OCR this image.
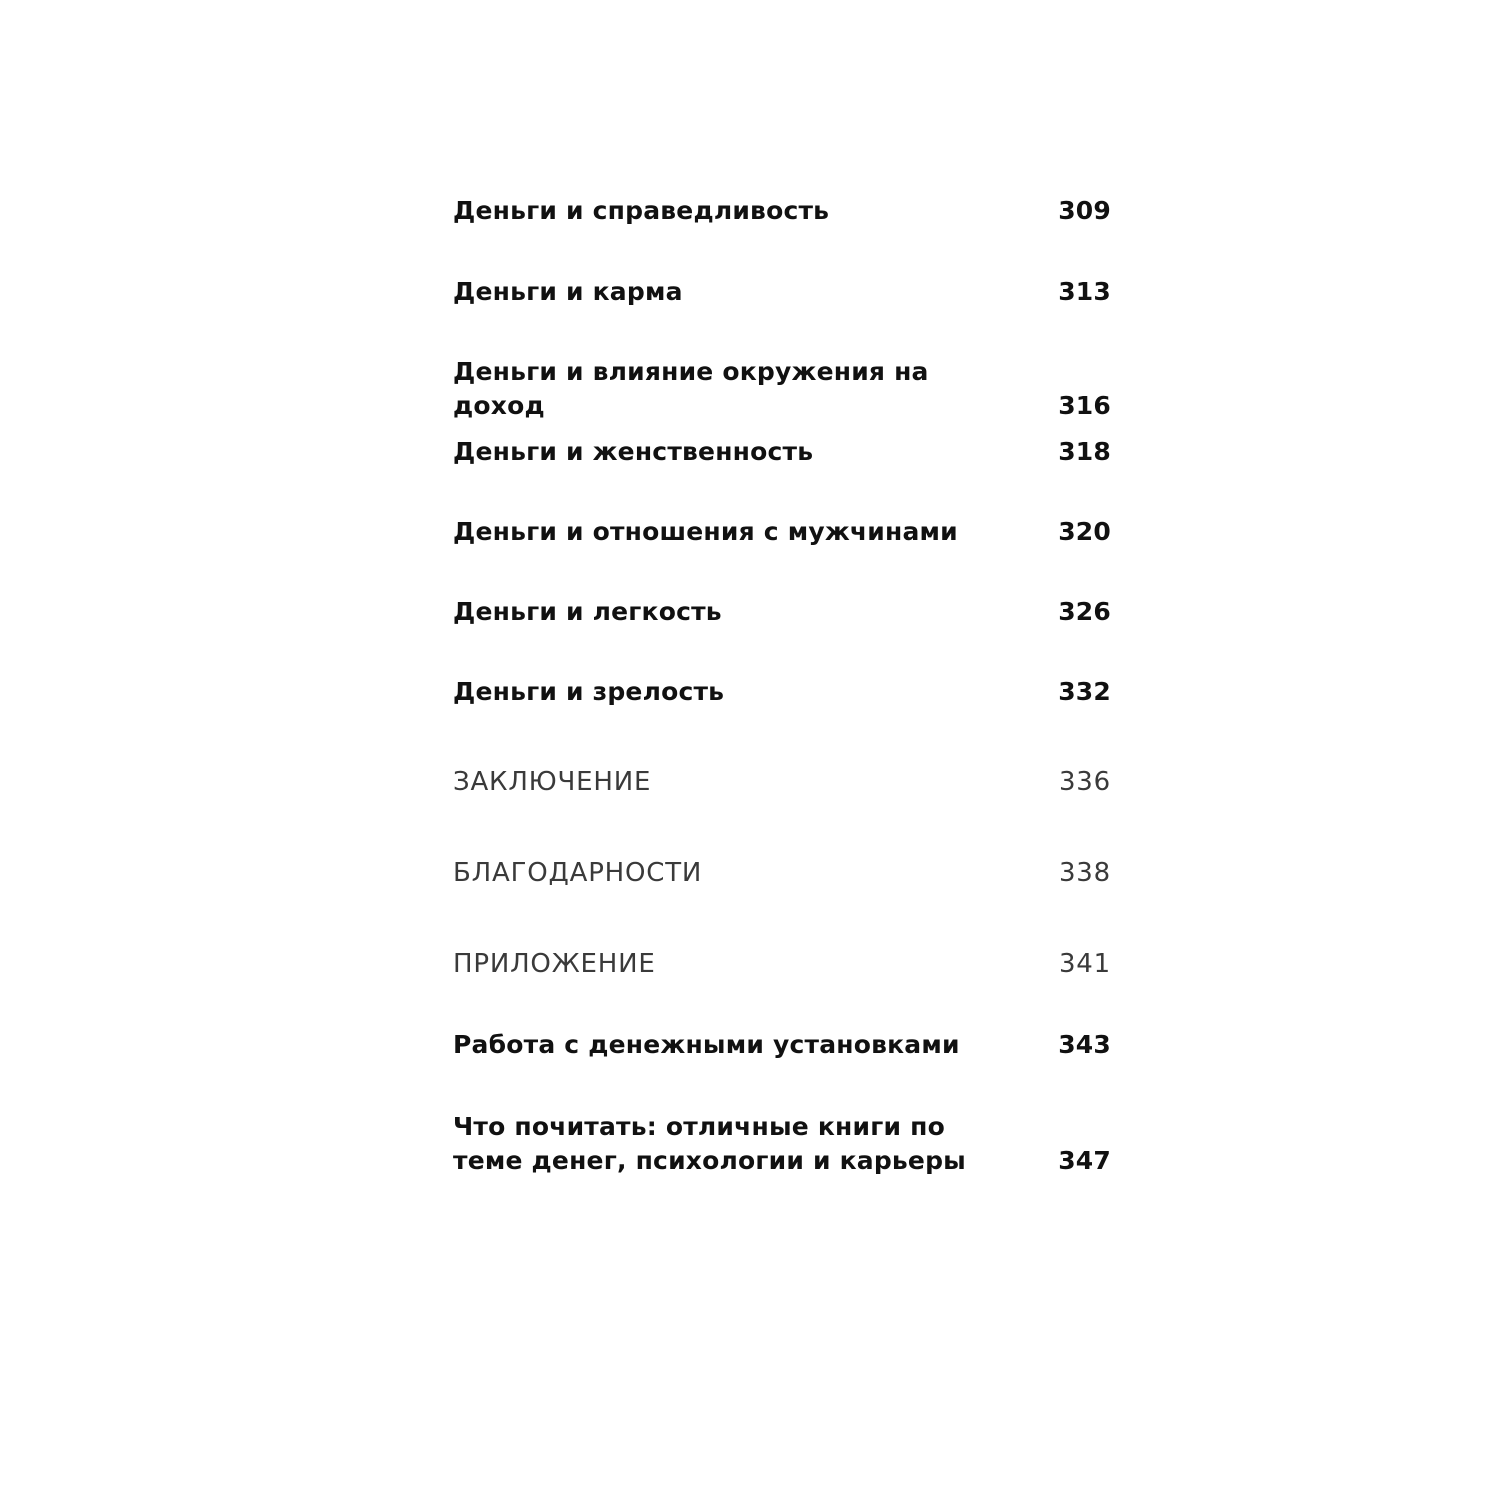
Деньги и справедливость	309
Деньги и карма	313
Деньги и влияние окружения на доход	316
Деньги и женственность	318
Деньги и отношения с мужчинами	320
Деньги и легкость	326
Деньги и зрелость	332
ЗАКЛЮЧЕНИЕ	336
БЛАГОДАРНОСТИ	338
ПРИЛОЖЕНИЕ	341
Работа с денежными установками	343
Что почитать: отличные книги по теме денег, психологии и карьеры	347
